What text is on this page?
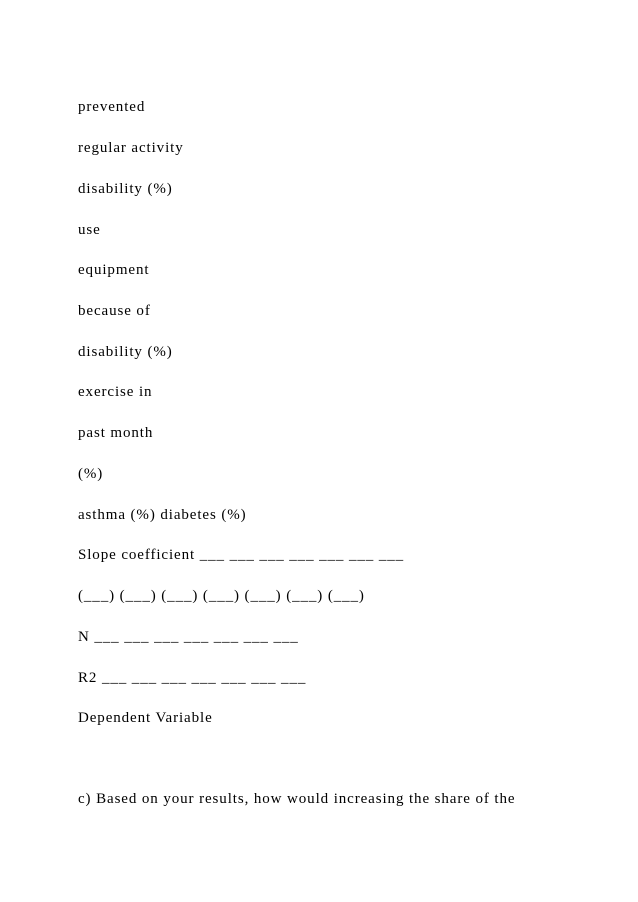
prevented
regular activity
disability (%)
use
equipment
because of
disability (%)
exercise in
past month
(%)
asthma (%) diabetes (%)
Slope coefficient ___ ___ ___ ___ ___ ___ ___
(___) (___) (___) (___) (___) (___) (___)
N ___ ___ ___ ___ ___ ___ ___
R2 ___ ___ ___ ___ ___ ___ ___
Dependent Variable
c) Based on your results, how would increasing the share of the
